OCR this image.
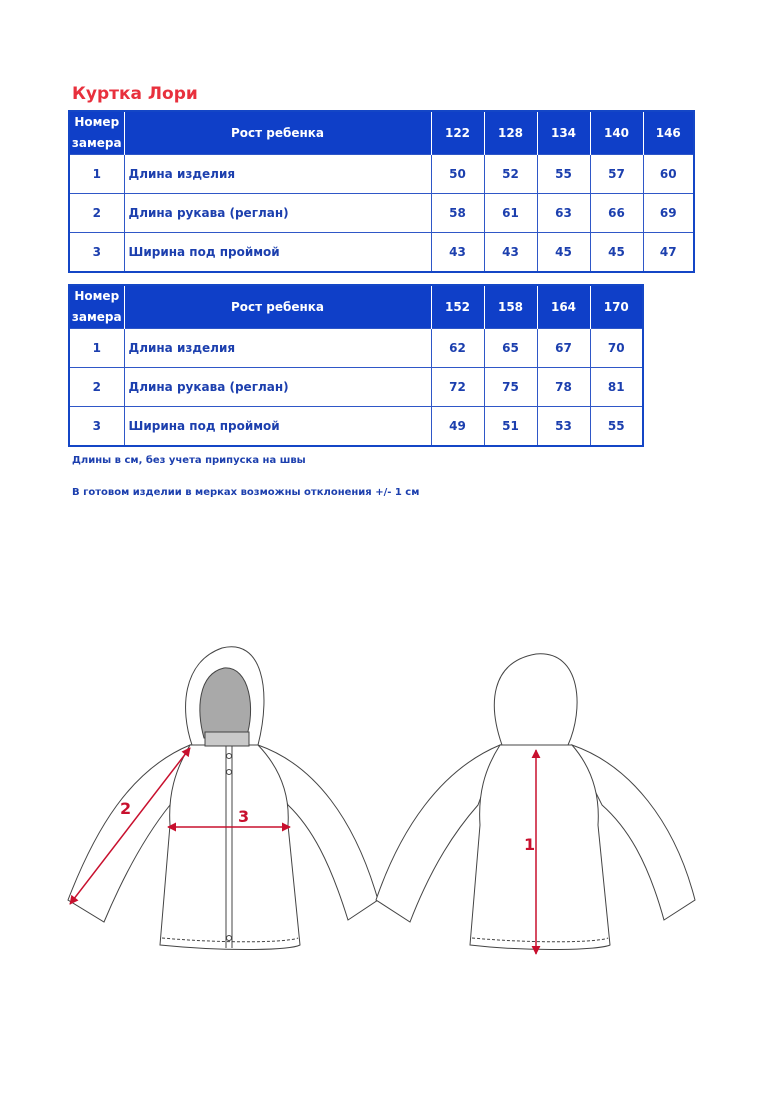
Куртка Лори
Номер замера	Рост ребенка	122	128	134	140	146
1	Длина изделия	50	52	55	57	60
2	Длина рукава (реглан)	58	61	63	66	69
3	Ширина под проймой	43	43	45	45	47
Номер замера	Рост ребенка	152	158	164	170
1	Длина изделия	62	65	67	70
2	Длина рукава (реглан)	72	75	78	81
3	Ширина под проймой	49	51	53	55
Длины в см, без учета припуска на швы
В готовом изделии в мерках возможны отклонения +/- 1 см
2	3
1
